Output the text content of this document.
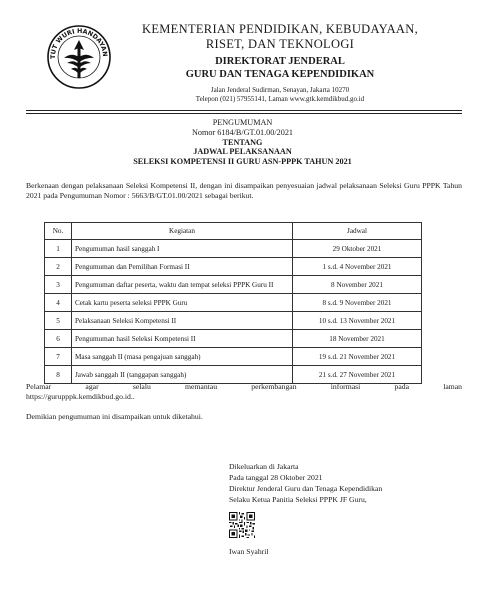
TUT WURI HANDAYAN
KEMENTERIAN PENDIDIKAN, KEBUDAYAAN,
RISET, DAN TEKNOLOGI
DIREKTORAT JENDERAL
GURU DAN TENAGA KEPENDIDIKAN
Jalan Jenderal Sudirman, Senayan, Jakarta 10270
Telepon (021) 57955141, Laman www.gtk.kemdikbud.go.id
PENGUMUMAN
Nomor 6184/B/GT.01.00/2021
TENTANG
JADWAL PELAKSANAAN
SELEKSI KOMPETENSI II GURU ASN-PPPK TAHUN 2021
Berkenaan dengan pelaksanaan Seleksi Kompetensi II, dengan ini disampaikan penyesuaian jadwal pelaksanaan Seleksi Guru PPPK Tahun 2021 pada Pengumuman Nomor : 5663/B/GT.01.00/2021 sebagai berikut.
No.	Kegiatan	Jadwal
1	Pengumuman hasil sanggah I	29 Oktober 2021
2	Pengumuman dan Pemilihan Formasi II	1 s.d. 4 November 2021
3	Pengumuman daftar peserta, waktu dan tempat seleksi PPPK Guru II	8 November 2021
4	Cetak kartu peserta seleksi PPPK Guru	8 s.d. 9 November 2021
5	Pelaksanaan Seleksi Kompetensi II	10 s.d. 13 November 2021
6	Pengumuman hasil Seleksi Kompetensi II	18 November 2021
7	Masa sanggah II (masa pengajuan sanggah)	19 s.d. 21 November 2021
8	Jawab sanggah II (tanggapan sanggah)	21 s.d. 27 November 2021
Pelamar agar selalu memantau perkembangan informasi pada laman
https://gurupppk.kemdikbud.go.id..
Demikian pengumuman ini disampaikan untuk diketahui.
Dikeluarkan di Jakarta
Pada tanggal 28 Oktober 2021
Direktur Jenderal Guru dan Tenaga Kependidikan
Selaku Ketua Panitia Seleksi PPPK JF Guru,
Iwan Syahril
